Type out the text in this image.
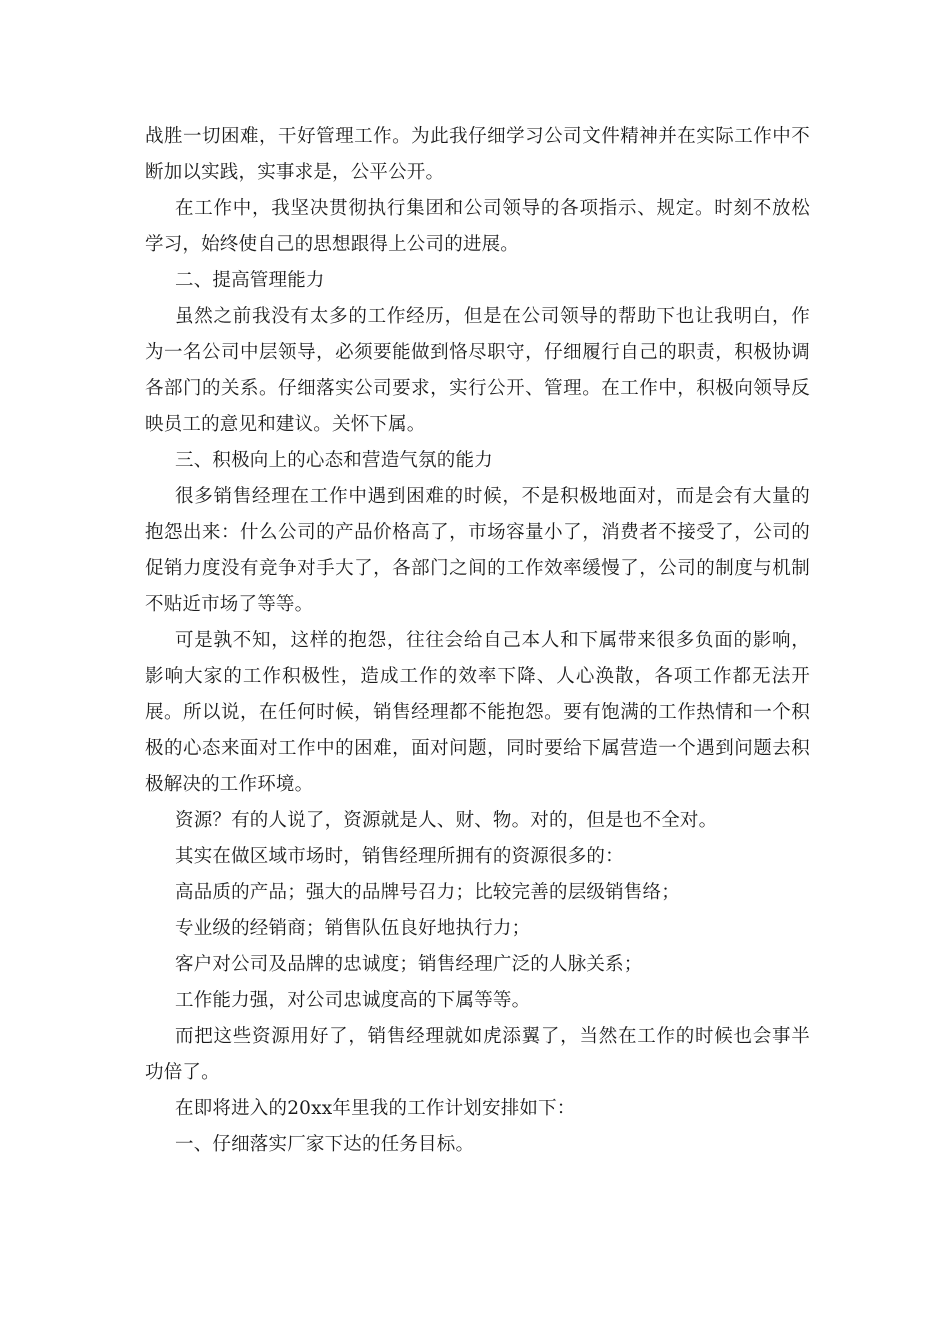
战胜一切困难，干好管理工作。为此我仔细学习公司文件精神并在实际工作中不断加以实践，实事求是，公平公开。

在工作中，我坚决贯彻执行集团和公司领导的各项指示、规定。时刻不放松学习，始终使自己的思想跟得上公司的进展。

二、提高管理能力

虽然之前我没有太多的工作经历，但是在公司领导的帮助下也让我明白，作为一名公司中层领导，必须要能做到恪尽职守，仔细履行自己的职责，积极协调各部门的关系。仔细落实公司要求，实行公开、管理。在工作中，积极向领导反映员工的意见和建议。关怀下属。

三、积极向上的心态和营造气氛的能力

很多销售经理在工作中遇到困难的时候，不是积极地面对，而是会有大量的抱怨出来：什么公司的产品价格高了，市场容量小了，消费者不接受了，公司的促销力度没有竞争对手大了，各部门之间的工作效率缓慢了，公司的制度与机制不贴近市场了等等。

可是孰不知，这样的抱怨，往往会给自己本人和下属带来很多负面的影响，影响大家的工作积极性，造成工作的效率下降、人心涣散，各项工作都无法开展。所以说，在任何时候，销售经理都不能抱怨。要有饱满的工作热情和一个积极的心态来面对工作中的困难，面对问题，同时要给下属营造一个遇到问题去积极解决的工作环境。

资源？有的人说了，资源就是人、财、物。对的，但是也不全对。

其实在做区域市场时，销售经理所拥有的资源很多的：

高品质的产品；强大的品牌号召力；比较完善的层级销售络；

专业级的经销商；销售队伍良好地执行力；

客户对公司及品牌的忠诚度；销售经理广泛的人脉关系；

工作能力强，对公司忠诚度高的下属等等。

而把这些资源用好了，销售经理就如虎添翼了，当然在工作的时候也会事半功倍了。

在即将进入的20xx年里我的工作计划安排如下：

一、仔细落实厂家下达的任务目标。
